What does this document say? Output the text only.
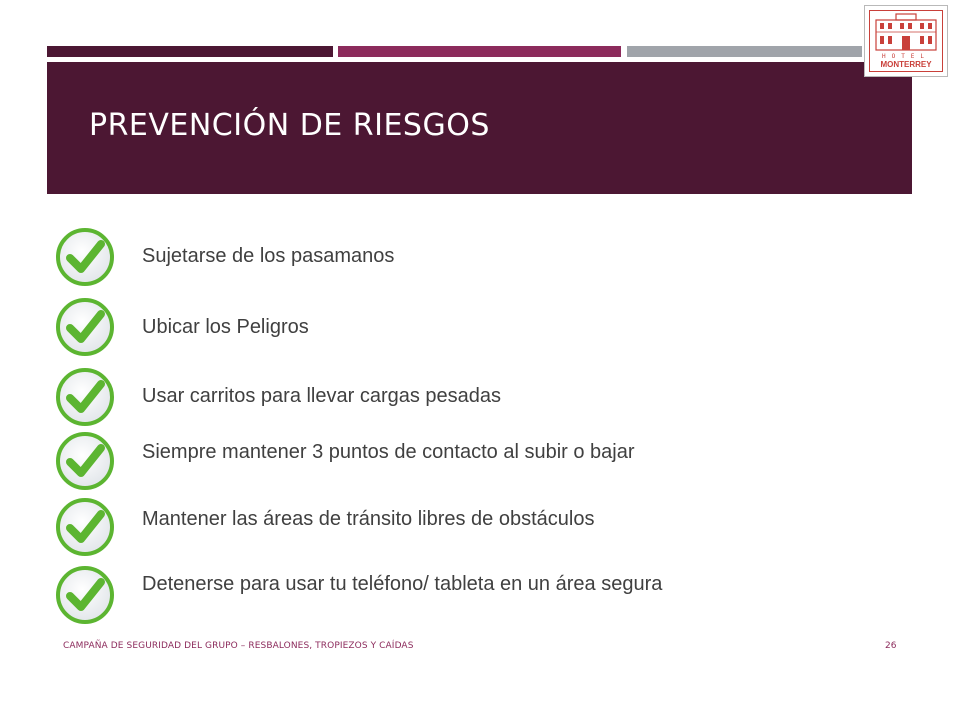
PREVENCIÓN DE RIESGOS
HOTEL
MONTERREY
Sujetarse de los pasamanos
Ubicar los Peligros
Usar carritos para llevar cargas pesadas
Siempre mantener 3 puntos de contacto al subir o bajar
Mantener las áreas de tránsito libres de obstáculos
Detenerse para usar tu teléfono/ tableta en un área segura
CAMPAÑA DE SEGURIDAD DEL GRUPO – RESBALONES, TROPIEZOS Y CAÍDAS	26
